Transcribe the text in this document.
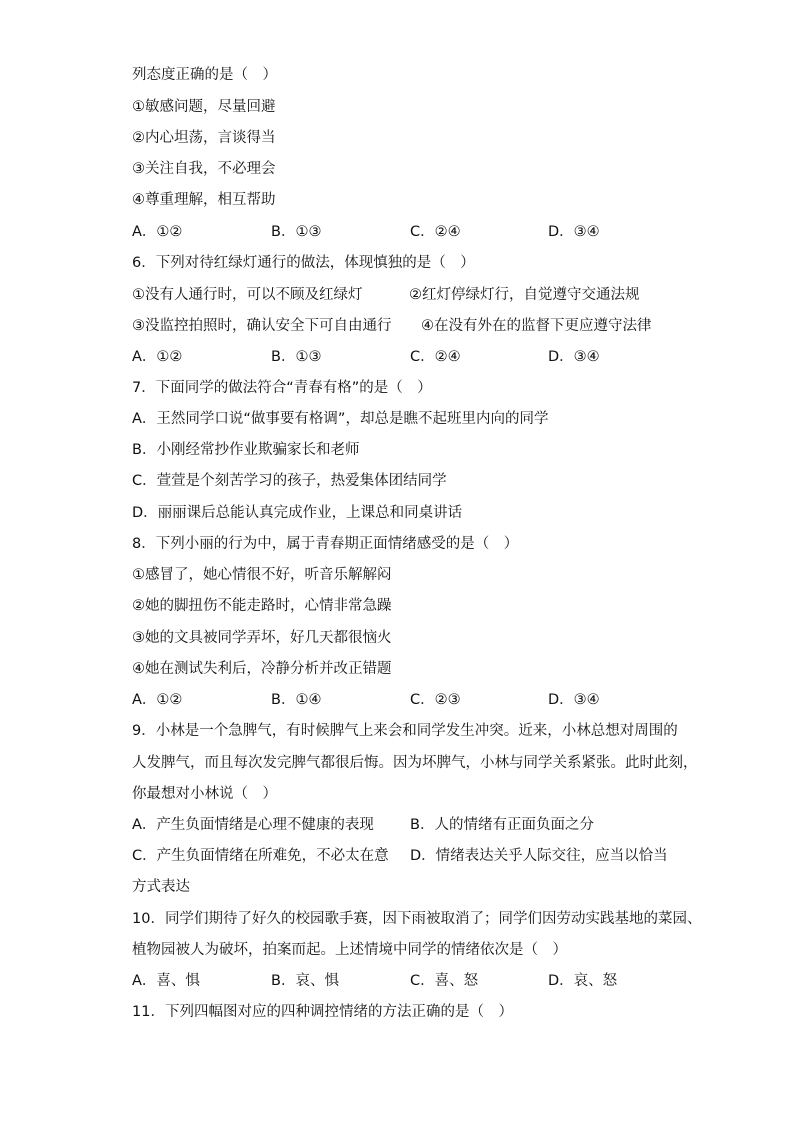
列态度正确的是（　）
①敏感问题，尽量回避
②内心坦荡，言谈得当
③关注自我，不必理会
④尊重理解，相互帮助
A．①②	B．①③	C．②④	D．③④
6．下列对待红绿灯通行的做法，体现慎独的是（　）
①没有人通行时，可以不顾及红绿灯	②红灯停绿灯行，自觉遵守交通法规
③没监控拍照时，确认安全下可自由通行 ④在没有外在的监督下更应遵守法律
A．①②	B．①③	C．②④	D．③④
7．下面同学的做法符合“青春有格”的是（　）
A．王然同学口说“做事要有格调”，却总是瞧不起班里内向的同学
B．小刚经常抄作业欺骗家长和老师
C．萱萱是个刻苦学习的孩子，热爱集体团结同学
D．丽丽课后总能认真完成作业，上课总和同桌讲话
8．下列小丽的行为中，属于青春期正面情绪感受的是（　）
①感冒了，她心情很不好，听音乐解解闷
②她的脚扭伤不能走路时，心情非常急躁
③她的文具被同学弄坏，好几天都很恼火
④她在测试失利后，冷静分析并改正错题
A．①②	B．①④	C．②③	D．③④
9．小林是一个急脾气，有时候脾气上来会和同学发生冲突。近来，小林总想对周围的
人发脾气，而且每次发完脾气都很后悔。因为坏脾气，小林与同学关系紧张。此时此刻，
你最想对小林说（　）
A．产生负面情绪是心理不健康的表现 B．人的情绪有正面负面之分
C．产生负面情绪在所难免，不必太在意 D．情绪表达关乎人际交往，应当以恰当
方式表达
10．同学们期待了好久的校园歌手赛，因下雨被取消了；同学们因劳动实践基地的菜园、
植物园被人为破坏，拍案而起。上述情境中同学的情绪依次是（　）
A．喜、惧	B．哀、惧	C．喜、怒	D．哀、怒
11．下列四幅图对应的四种调控情绪的方法正确的是（　）
